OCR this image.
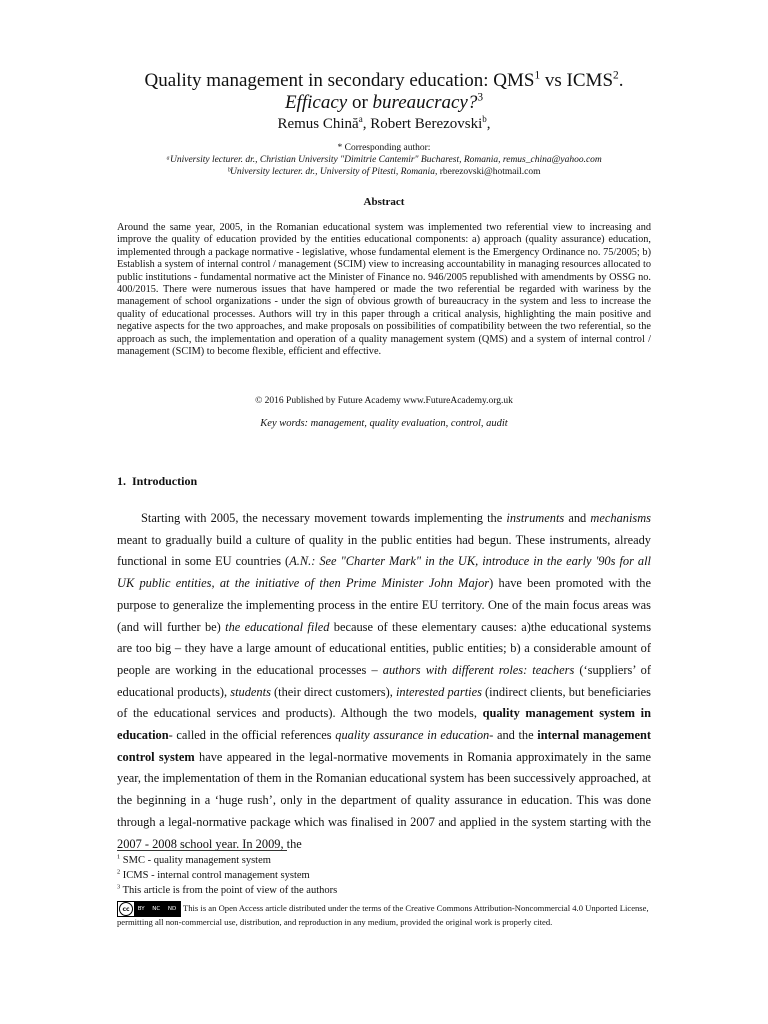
Quality management in secondary education: QMS$^1$ vs ICMS$^2$.
Efficacy or bureaucracy?$^3$
Remus Chină$^a$, Robert Berezovski$^b$,
* Corresponding author:
ᵃUniversity lecturer. dr., Christian University "Dimitrie Cantemir" Bucharest, Romania, remus_china@yahoo.com
ᵇUniversity lecturer. dr., University of Pitesti, Romania, rberezovski@hotmail.com
Abstract
Around the same year, 2005, in the Romanian educational system was implemented two referential view to increasing and improve the quality of education provided by the entities educational components: a) approach (quality assurance) education, implemented through a package normative - legislative, whose fundamental element is the Emergency Ordinance no. 75/2005; b) Establish a system of internal control / management (SCIM) view to increasing accountability in managing resources allocated to public institutions - fundamental normative act the Minister of Finance no. 946/2005 republished with amendments by OSSG no. 400/2015. There were numerous issues that have hampered or made the two referential be regarded with wariness by the management of school organizations - under the sign of obvious growth of bureaucracy in the system and less to increase the quality of educational processes. Authors will try in this paper through a critical analysis, highlighting the main positive and negative aspects for the two approaches, and make proposals on possibilities of compatibility between the two referential, so the approach as such, the implementation and operation of a quality management system (QMS) and a system of internal control / management (SCIM) to become flexible, efficient and effective.
© 2016 Published by Future Academy www.FutureAcademy.org.uk
Key words: management, quality evaluation, control, audit
1. Introduction

Starting with 2005, the necessary movement towards implementing the instruments and mechanisms meant to gradually build a culture of quality in the public entities had begun. These instruments, already functional in some EU countries (A.N.: See "Charter Mark" in the UK, introduce in the early '90s for all UK public entities, at the initiative of then Prime Minister John Major) have been promoted with the purpose to generalize the implementing process in the entire EU territory. One of the main focus areas was (and will further be) the educational filed because of these elementary causes: a)the educational systems are too big – they have a large amount of educational entities, public entities; b) a considerable amount of people are working in the educational processes – authors with different roles: teachers (‘suppliers’ of educational products), students (their direct customers), interested parties (indirect clients, but beneficiaries of the educational services and products). Although the two models, quality management system in education- called in the official references quality assurance in education- and the internal management control system have appeared in the legal-normative movements in Romania approximately in the same year, the implementation of them in the Romanian educational system has been successively approached, at the beginning in a ‘huge rush’, only in the department of quality assurance in education. This was done through a legal-normative package which was finalised in 2007 and applied in the system starting with the 2007 - 2008 school year. In 2009, the

$^1$ SMC - quality management system
$^2$ ICMS - internal control management system
$^3$ This article is from the point of view of the authors
cc	BY NC ND This is an Open Access article distributed under the terms of the Creative Commons Attribution-Noncommercial 4.0 Unported License, permitting all non-commercial use, distribution, and reproduction in any medium, provided the original work is properly cited.
